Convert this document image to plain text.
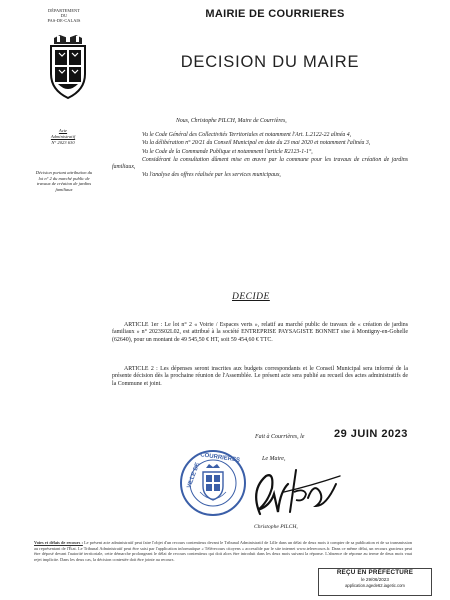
DÉPARTEMENT
DU
PAS-DE-CALAIS
Acte
Administratif
N° 2023 630
Décision portant attribution du lot n° 2 du marché public de travaux de création de jardins familiaux
MAIRIE DE COURRIERES
DECISION DU MAIRE

Nous, Christophe PILCH, Maire de Courrières,

Vu le Code Général des Collectivités Territoriales et notamment l'Art. L.2122-22 alinéa 4,

Vu la délibération n° 20/21 du Conseil Municipal en date du 23 mai 2020 et notamment l'alinéa 3,

Vu le Code de la Commande Publique et notamment l'article R2123-1-1°,

Considérant la consultation dûment mise en œuvre par la commune pour les travaux de création de jardins familiaux,

Vu l'analyse des offres réalisée par les services municipaux,

DECIDE
ARTICLE 1er : Le lot n° 2 « Voirie / Espaces verts », relatif au marché public de travaux de « création de jardins familiaux » n° 2023S02L02, est attribué à la société ENTREPRISE PAYSAGISTE BONNET sise à Montigny-en-Gohelle (62640), pour un montant de 49 545,50 € HT, soit 59 454,60 € TTC.
ARTICLE 2 : Les dépenses seront inscrites aux budgets correspondants et le Conseil Municipal sera informé de la présente décision dès la prochaine réunion de l'Assemblée. Le présent acte sera publié au recueil des actes administratifs de la Commune et joint.
Fait à Courrières, le	29 JUIN 2023
Le Maire,
VILLE DE
COURRIERES
Christophe PILCH,
Voies et délais de recours : Le présent acte administratif peut faire l'objet d'un recours contentieux devant le Tribunal Administratif de Lille dans un délai de deux mois à compter de sa publication et de sa transmission au représentant de l'État. Le Tribunal Administratif peut être saisi par l'application informatique « Télérecours citoyens » accessible par le site internet www.telerecours.fr. Dans ce même délai, un recours gracieux peut être déposé devant l'autorité territoriale, cette démarche prolongeant le délai de recours contentieux qui doit alors être introduit dans les deux mois suivant la réponse. L'absence de réponse au terme de deux mois vaut rejet implicite. Dans les deux cas, la décision contestée doit être jointe au recours.
REÇU EN PRÉFECTURE
le 29/06/2023
application.agede62.iagetic.com
